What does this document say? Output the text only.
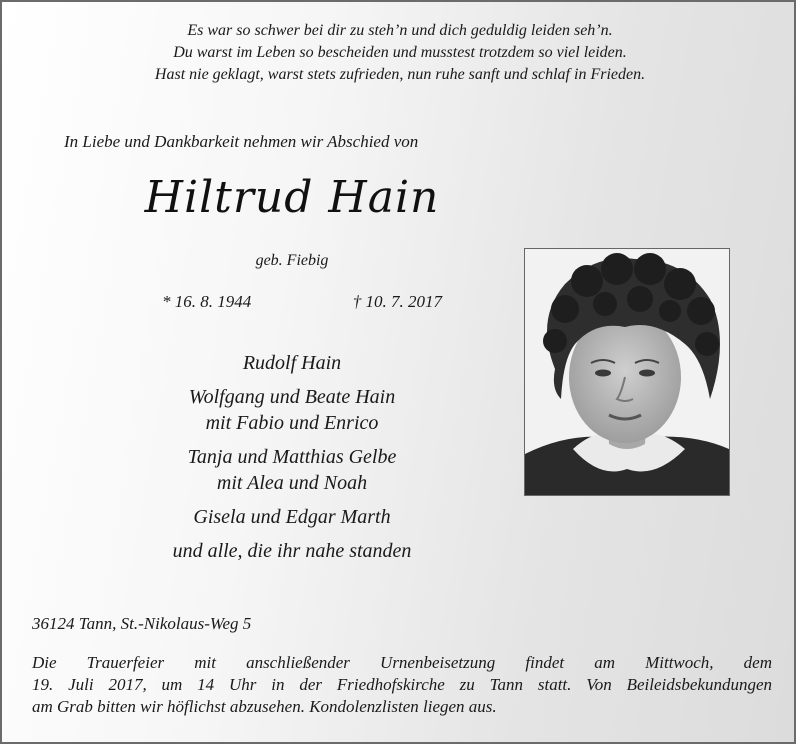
Es war so schwer bei dir zu steh’n und dich geduldig leiden seh’n.
Du warst im Leben so bescheiden und musstest trotzdem so viel leiden.
Hast nie geklagt, warst stets zufrieden, nun ruhe sanft und schlaf in Frieden.
In Liebe und Dankbarkeit nehmen wir Abschied von
Hiltrud Hain
geb. Fiebig
* 16. 8. 1944	† 10. 7. 2017
Rudolf Hain
Wolfgang und Beate Hain
mit Fabio und Enrico
Tanja und Matthias Gelbe
mit Alea und Noah
Gisela und Edgar Marth
und alle, die ihr nahe standen
36124 Tann, St.-Nikolaus-Weg 5
Die Trauerfeier mit anschließender Urnenbeisetzung findet am Mittwoch, dem
19. Juli 2017, um 14 Uhr in der Friedhofskirche zu Tann statt. Von Beileidsbekundungen
am Grab bitten wir höflichst abzusehen. Kondolenzlisten liegen aus.
